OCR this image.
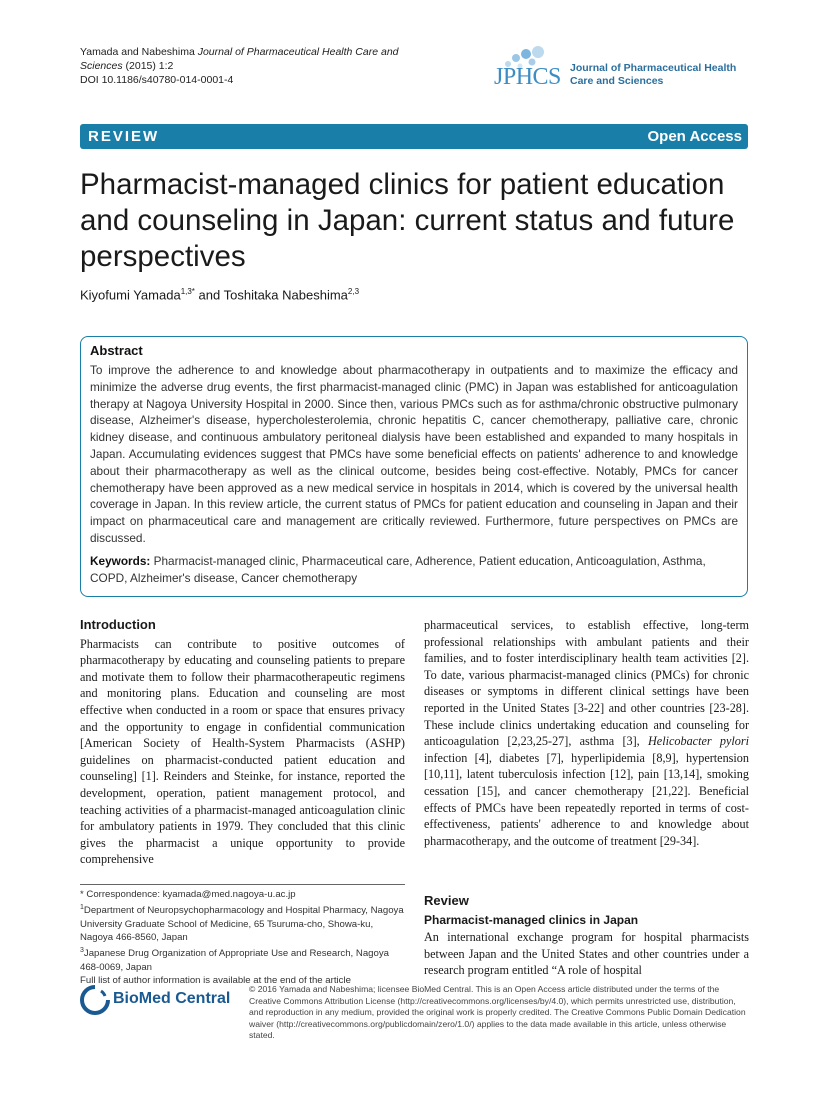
Yamada and Nabeshima Journal of Pharmaceutical Health Care and Sciences (2015) 1:2
DOI 10.1186/s40780-014-0001-4	JPHCS Journal of Pharmaceutical Health Care and Sciences
REVIEW	Open Access
Pharmacist-managed clinics for patient education and counseling in Japan: current status and future perspectives
Kiyofumi Yamada$^{1,3*}$ and Toshitaka Nabeshima$^{2,3}$
Abstract
To improve the adherence to and knowledge about pharmacotherapy in outpatients and to maximize the efficacy and minimize the adverse drug events, the first pharmacist-managed clinic (PMC) in Japan was established for anticoagulation therapy at Nagoya University Hospital in 2000. Since then, various PMCs such as for asthma/chronic obstructive pulmonary disease, Alzheimer's disease, hypercholesterolemia, chronic hepatitis C, cancer chemotherapy, palliative care, chronic kidney disease, and continuous ambulatory peritoneal dialysis have been established and expanded to many hospitals in Japan. Accumulating evidences suggest that PMCs have some beneficial effects on patients' adherence to and knowledge about their pharmacotherapy as well as the clinical outcome, besides being cost-effective. Notably, PMCs for cancer chemotherapy have been approved as a new medical service in hospitals in 2014, which is covered by the universal health coverage in Japan. In this review article, the current status of PMCs for patient education and counseling in Japan and their impact on pharmaceutical care and management are critically reviewed. Furthermore, future perspectives on PMCs are discussed.
Keywords: Pharmacist-managed clinic, Pharmaceutical care, Adherence, Patient education, Anticoagulation, Asthma, COPD, Alzheimer's disease, Cancer chemotherapy
Introduction

Pharmacists can contribute to positive outcomes of pharmacotherapy by educating and counseling patients to prepare and motivate them to follow their pharmacotherapeutic regimens and monitoring plans. Education and counseling are most effective when conducted in a room or space that ensures privacy and the opportunity to engage in confidential communication [American Society of Health-System Pharmacists (ASHP) guidelines on pharmacist-conducted patient education and counseling] [1]. Reinders and Steinke, for instance, reported the development, operation, patient management protocol, and teaching activities of a pharmacist-managed anticoagulation clinic for ambulatory patients in 1979. They concluded that this clinic gives the pharmacist a unique opportunity to provide comprehensive

pharmaceutical services, to establish effective, long-term professional relationships with ambulant patients and their families, and to foster interdisciplinary health team activities [2]. To date, various pharmacist-managed clinics (PMCs) for chronic diseases or symptoms in different clinical settings have been reported in the United States [3-22] and other countries [23-28]. These include clinics undertaking education and counseling for anticoagulation [2,23,25-27], asthma [3], Helicobacter pylori infection [4], diabetes [7], hyperlipidemia [8,9], hypertension [10,11], latent tuberculosis infection [12], pain [13,14], smoking cessation [15], and cancer chemotherapy [21,22]. Beneficial effects of PMCs have been repeatedly reported in terms of cost-effectiveness, patients' adherence to and knowledge about pharmacotherapy, and the outcome of treatment [29-34].

Review
Pharmacist-managed clinics in Japan

An international exchange program for hospital pharmacists between Japan and the United States and other countries under a research program entitled “A role of hospital

* Correspondence: kyamada@med.nagoya-u.ac.jp
$^1$Department of Neuropsychopharmacology and Hospital Pharmacy, Nagoya University Graduate School of Medicine, 65 Tsuruma-cho, Showa-ku, Nagoya 466-8560, Japan
$^3$Japanese Drug Organization of Appropriate Use and Research, Nagoya 468-0069, Japan
Full list of author information is available at the end of the article
BioMed Central
© 2016 Yamada and Nabeshima; licensee BioMed Central. This is an Open Access article distributed under the terms of the Creative Commons Attribution License (http://creativecommons.org/licenses/by/4.0), which permits unrestricted use, distribution, and reproduction in any medium, provided the original work is properly credited. The Creative Commons Public Domain Dedication waiver (http://creativecommons.org/publicdomain/zero/1.0/) applies to the data made available in this article, unless otherwise stated.
